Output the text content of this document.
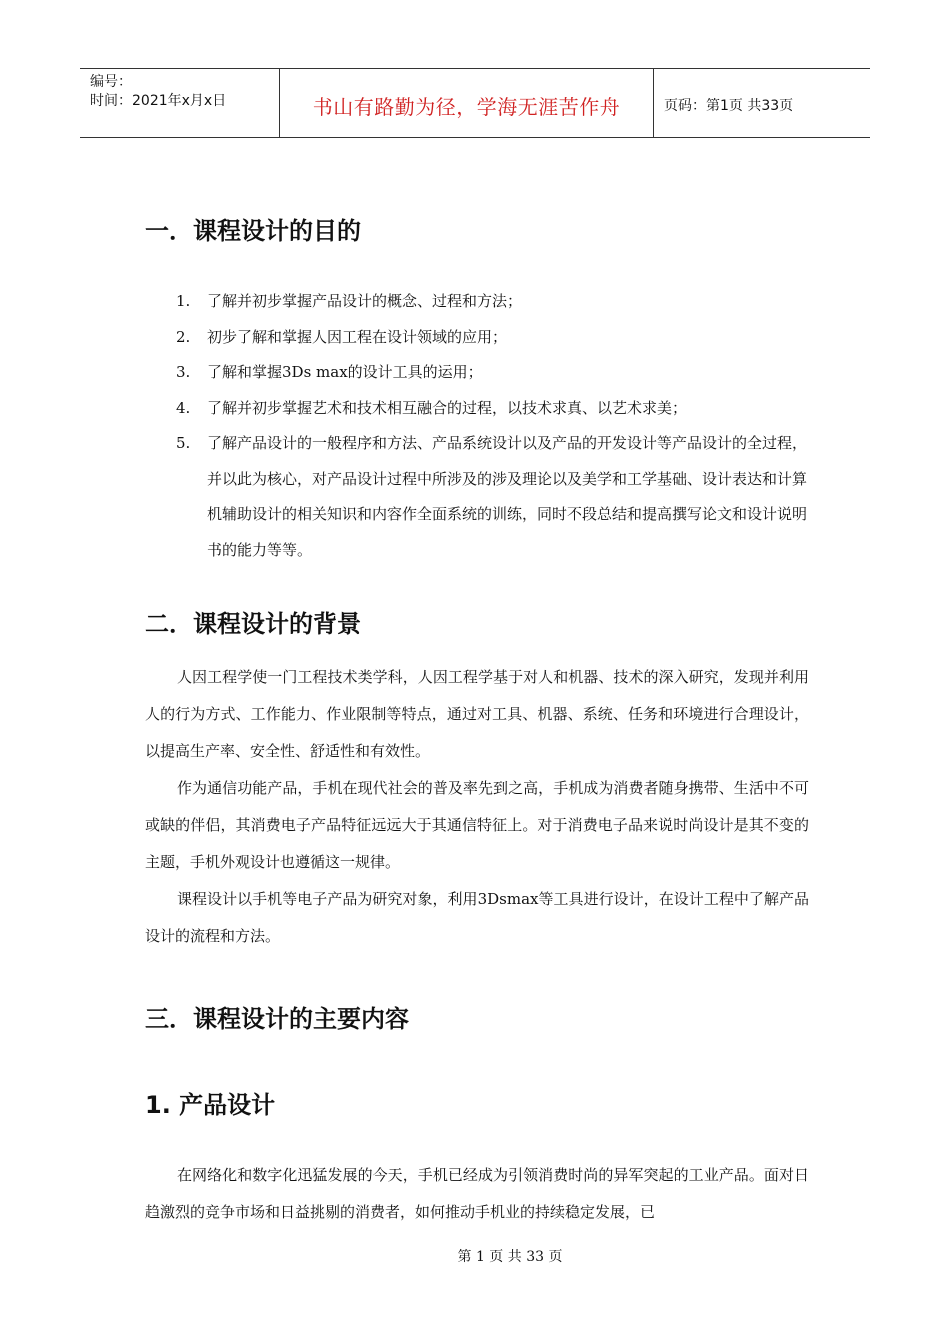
编号：
时间：2021年x月x日	书山有路勤为径，学海无涯苦作舟	页码：第1页 共33页
一．课程设计的目的
1.	了解并初步掌握产品设计的概念、过程和方法；
2.	初步了解和掌握人因工程在设计领域的应用；
3.	了解和掌握3Ds max的设计工具的运用；
4.	了解并初步掌握艺术和技术相互融合的过程，以技术求真、以艺术求美；
5.	了解产品设计的一般程序和方法、产品系统设计以及产品的开发设计等产品设计的全过程，并以此为核心，对产品设计过程中所涉及的涉及理论以及美学和工学基础、设计表达和计算机辅助设计的相关知识和内容作全面系统的训练，同时不段总结和提高撰写论文和设计说明书的能力等等。
二．课程设计的背景

人因工程学使一门工程技术类学科，人因工程学基于对人和机器、技术的深入研究，发现并利用人的行为方式、工作能力、作业限制等特点，通过对工具、机器、系统、任务和环境进行合理设计，以提高生产率、安全性、舒适性和有效性。

作为通信功能产品，手机在现代社会的普及率先到之高，手机成为消费者随身携带、生活中不可或缺的伴侣，其消费电子产品特征远远大于其通信特征上。对于消费电子品来说时尚设计是其不变的主题，手机外观设计也遵循这一规律。

课程设计以手机等电子产品为研究对象，利用3Dsmax等工具进行设计，在设计工程中了解产品设计的流程和方法。

三．课程设计的主要内容
1. 产品设计

在网络化和数字化迅猛发展的今天，手机已经成为引领消费时尚的异军突起的工业产品。面对日趋激烈的竞争市场和日益挑剔的消费者，如何推动手机业的持续稳定发展，已

第 1 页 共 33 页
